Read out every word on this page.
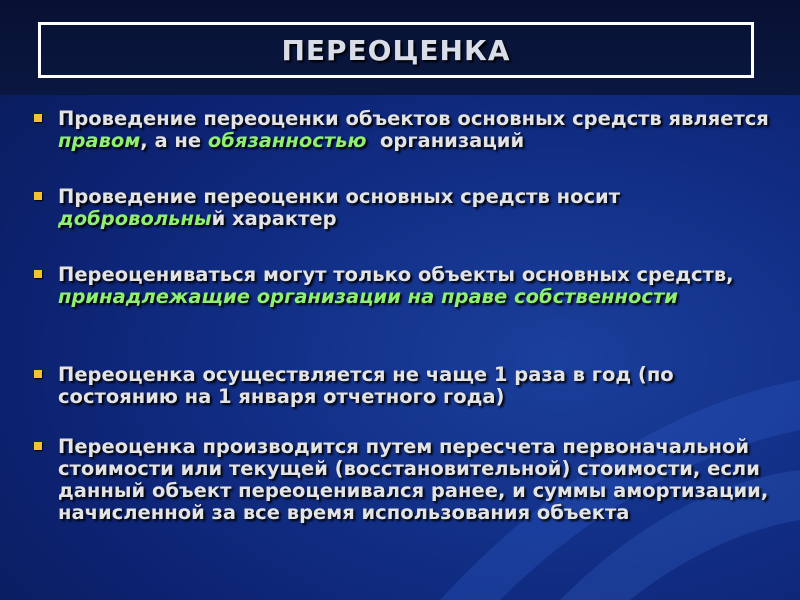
ПЕРЕОЦЕНКА
Проведение переоценки объектов основных средств является правом, а не обязанностью  организаций
Проведение переоценки основных средств носит добровольный характер
Переоцениваться могут только объекты основных средств, принадлежащие организации на праве собственности
Переоценка осуществляется не чаще 1 раза в год (по состоянию на 1 января отчетного года)
Переоценка производится путем пересчета первоначальной стоимости или текущей (восстановительной) стоимости, если данный объект переоценивался ранее, и суммы амортизации, начисленной за все время использования объекта
